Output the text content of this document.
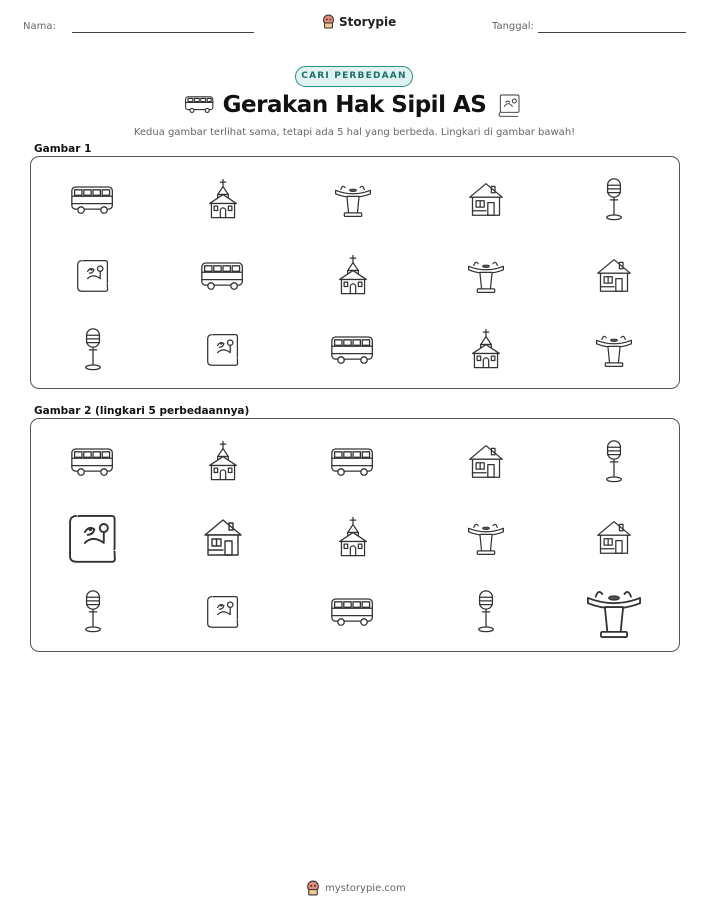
Nama:	Storypie	Tanggal:
CARI PERBEDAAN
Gerakan Hak Sipil AS
Kedua gambar terlihat sama, tetapi ada 5 hal yang berbeda. Lingkari di gambar bawah!
Gambar 1
Gambar 2 (lingkari 5 perbedaannya)
mystorypie.com
